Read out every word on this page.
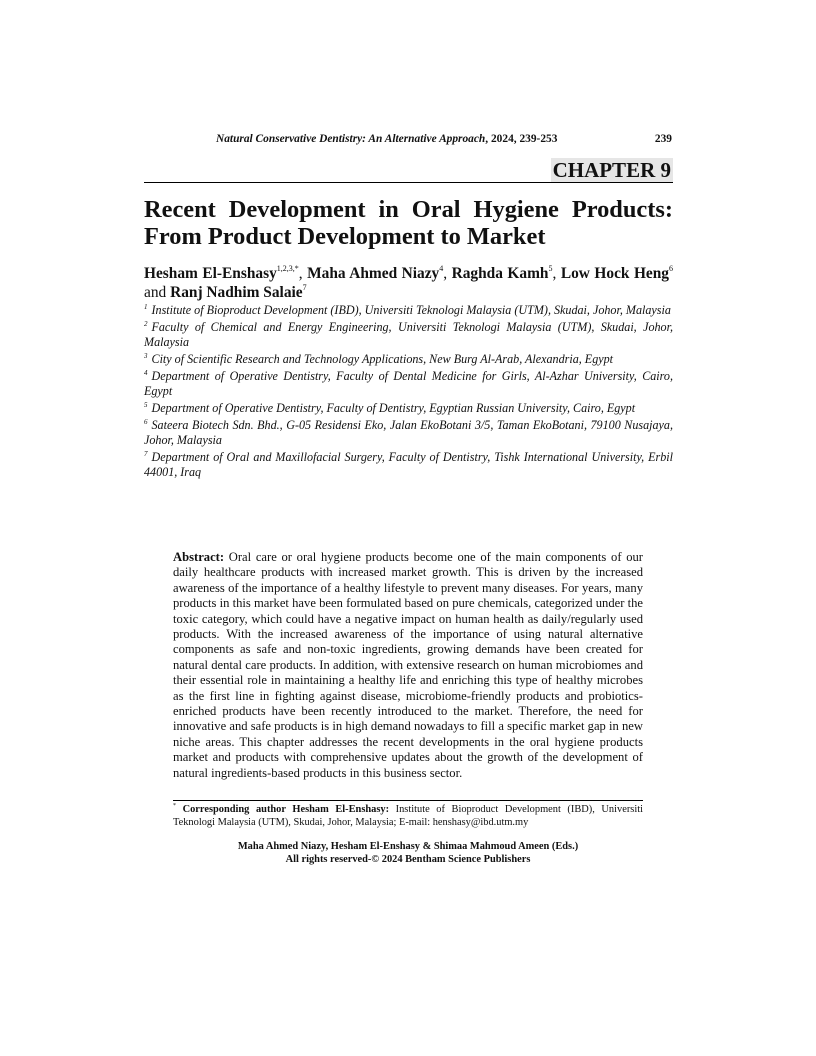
Natural Conservative Dentistry: An Alternative Approach, 2024, 239-253	239
CHAPTER 9
Recent Development in Oral Hygiene Products: From Product Development to Market
Hesham El-Enshasy$^{1,2,3,*}$, Maha Ahmed Niazy$^4$, Raghda Kamh$^5$, Low Hock Heng$^6$ and Ranj Nadhim Salaie$^7$

$^1$ Institute of Bioproduct Development (IBD), Universiti Teknologi Malaysia (UTM), Skudai, Johor, Malaysia

$^2$ Faculty of Chemical and Energy Engineering, Universiti Teknologi Malaysia (UTM), Skudai, Johor, Malaysia

$^3$ City of Scientific Research and Technology Applications, New Burg Al-Arab, Alexandria, Egypt

$^4$ Department of Operative Dentistry, Faculty of Dental Medicine for Girls, Al-Azhar University, Cairo, Egypt

$^5$ Department of Operative Dentistry, Faculty of Dentistry, Egyptian Russian University, Cairo, Egypt

$^6$ Sateera Biotech Sdn. Bhd., G-05 Residensi Eko, Jalan EkoBotani 3/5, Taman EkoBotani, 79100 Nusajaya, Johor, Malaysia

$^7$ Department of Oral and Maxillofacial Surgery, Faculty of Dentistry, Tishk International University, Erbil 44001, Iraq

Abstract: Oral care or oral hygiene products become one of the main components of our daily healthcare products with increased market growth. This is driven by the increased awareness of the importance of a healthy lifestyle to prevent many diseases. For years, many products in this market have been formulated based on pure chemicals, categorized under the toxic category, which could have a negative impact on human health as daily/regularly used products. With the increased awareness of the importance of using natural alternative components as safe and non-toxic ingredients, growing demands have been created for natural dental care products. In addition, with extensive research on human microbiomes and their essential role in maintaining a healthy life and enriching this type of healthy microbes as the first line in fighting against disease, microbiome-friendly products and probiotics-enriched products have been recently introduced to the market. Therefore, the need for innovative and safe products is in high demand nowadays to fill a specific market gap in new niche areas. This chapter addresses the recent developments in the oral hygiene products market and products with comprehensive updates about the growth of the development of natural ingredients-based products in this business sector.

* Corresponding author Hesham El-Enshasy: Institute of Bioproduct Development (IBD), Universiti Teknologi Malaysia (UTM), Skudai, Johor, Malaysia; E-mail: henshasy@ibd.utm.my

Maha Ahmed Niazy, Hesham El-Enshasy & Shimaa Mahmoud Ameen (Eds.)
All rights reserved-© 2024 Bentham Science Publishers
